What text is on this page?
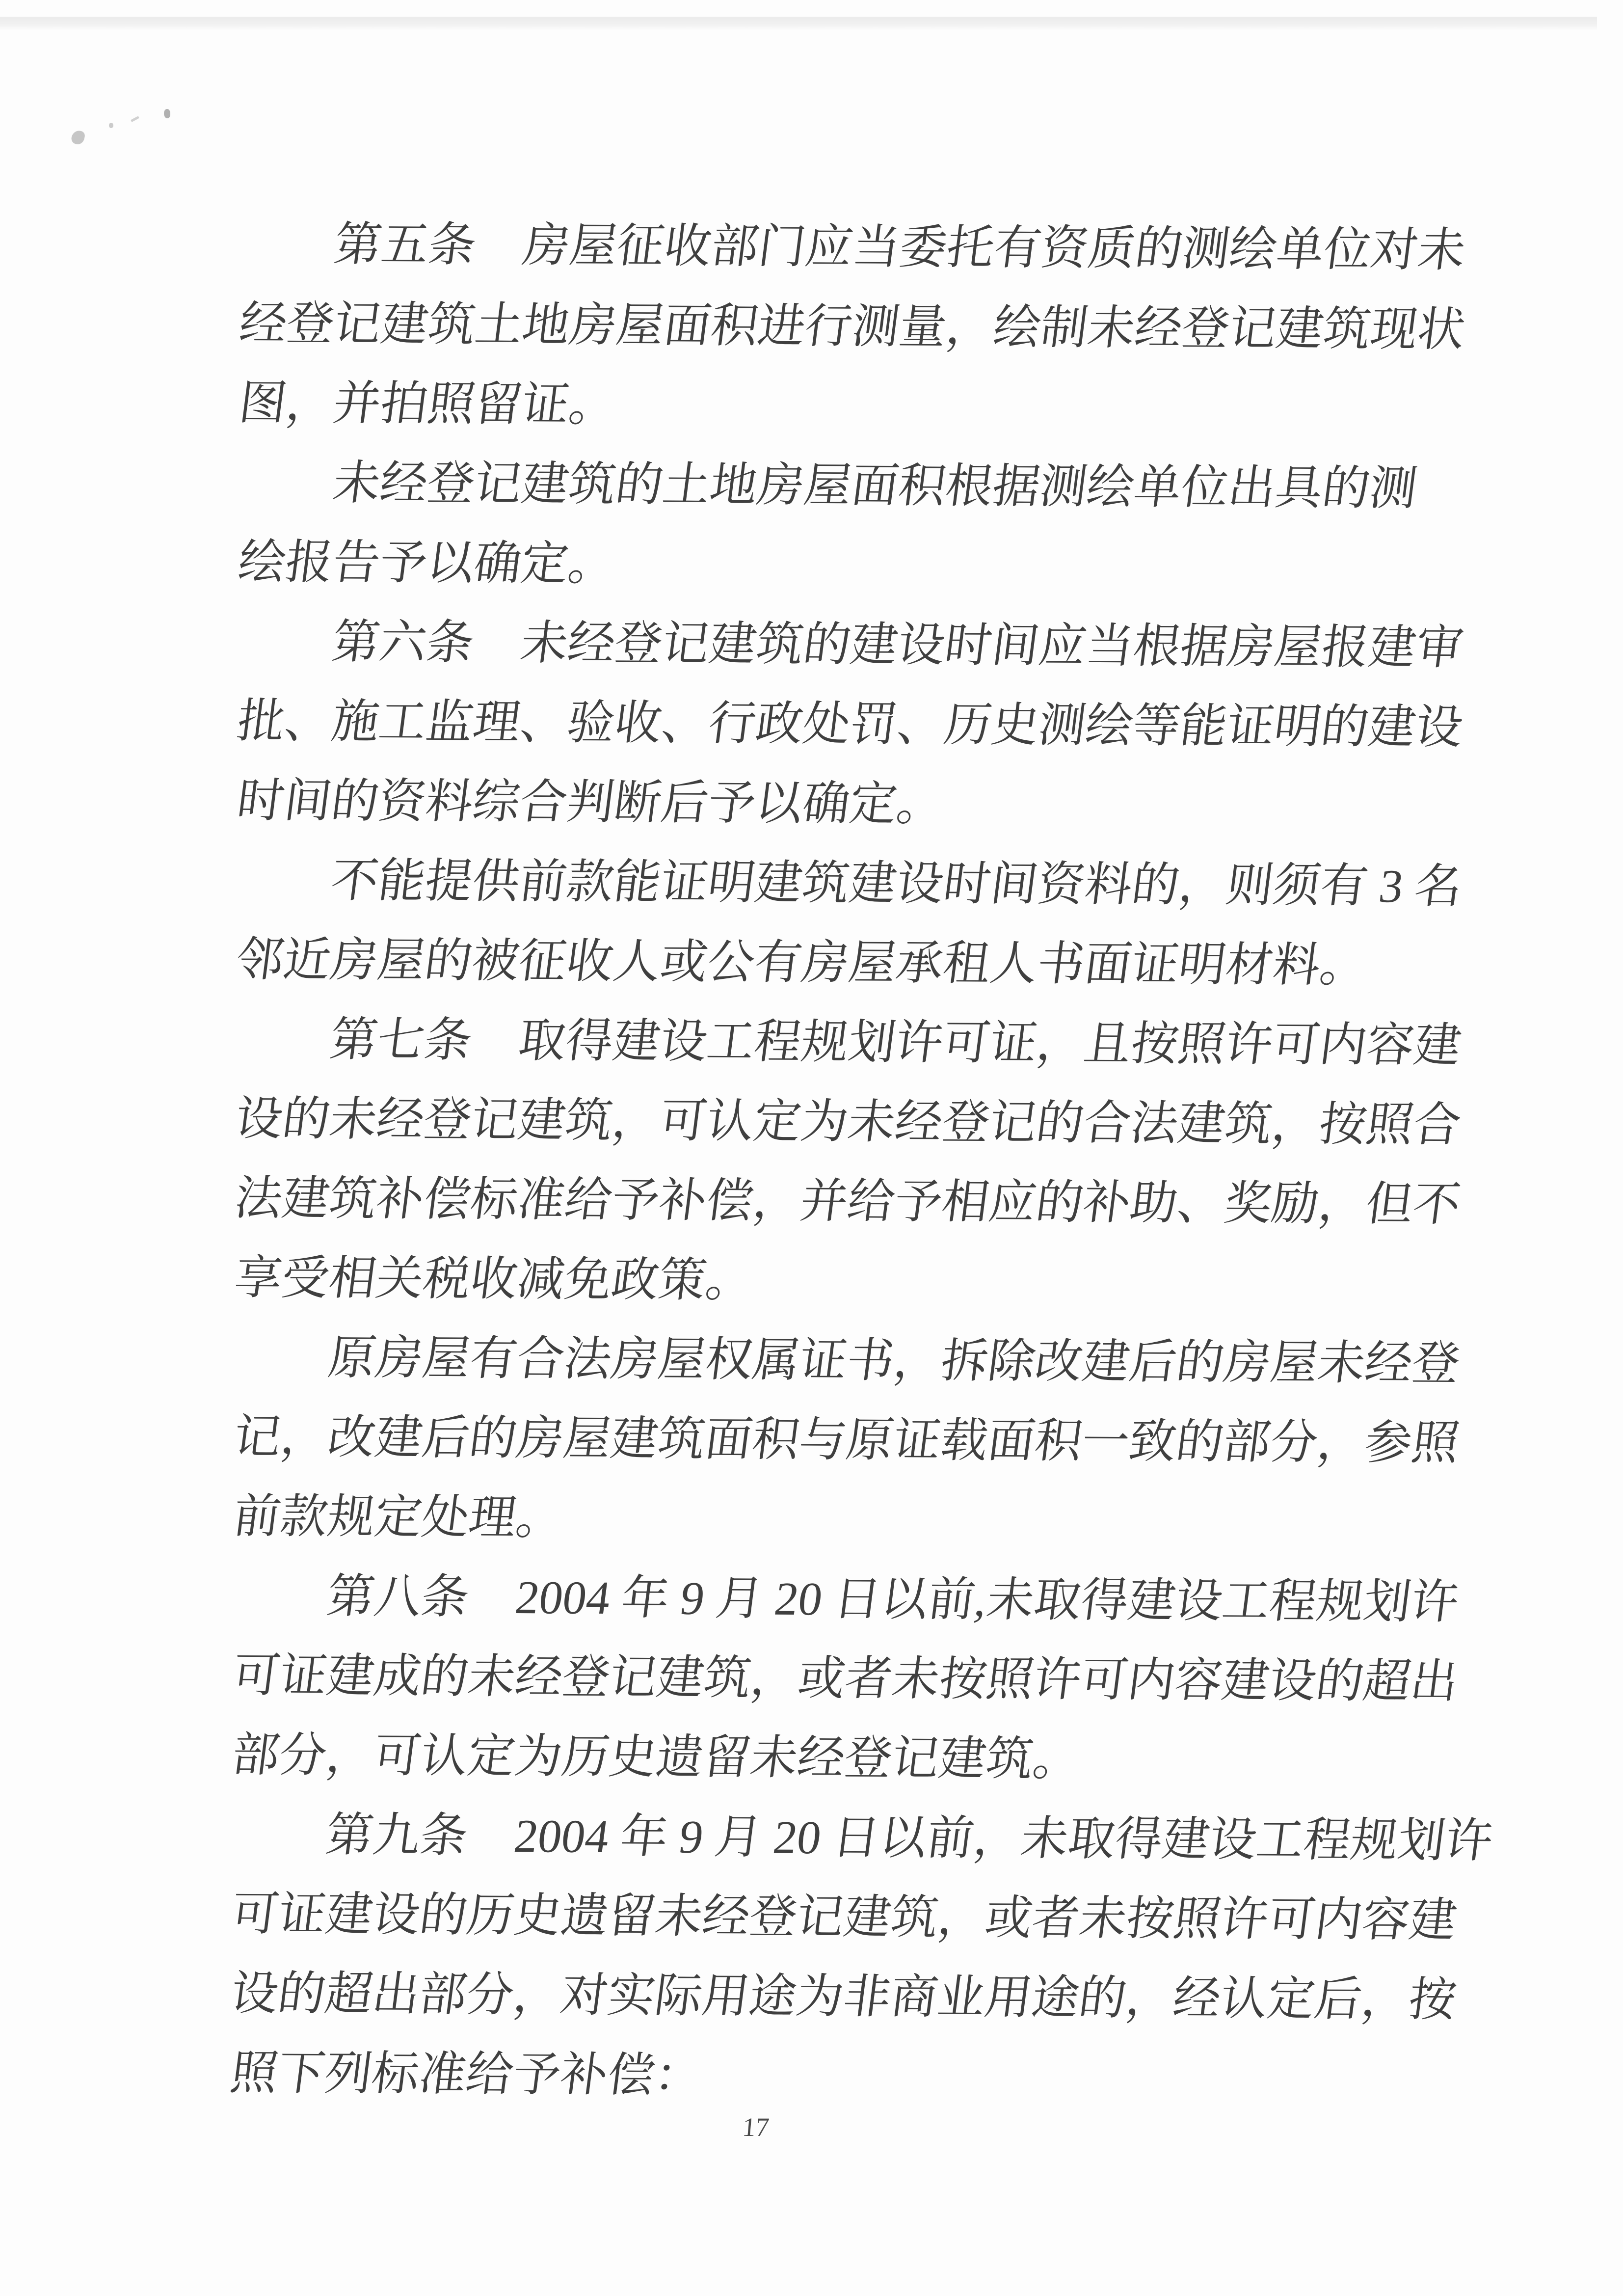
第五条　房屋征收部门应当委托有资质的测绘单位对未
经登记建筑土地房屋面积进行测量，绘制未经登记建筑现状
图，并拍照留证。
未经登记建筑的土地房屋面积根据测绘单位出具的测
绘报告予以确定。
第六条　未经登记建筑的建设时间应当根据房屋报建审
批、施工监理、验收、行政处罚、历史测绘等能证明的建设
时间的资料综合判断后予以确定。
不能提供前款能证明建筑建设时间资料的，则须有 3 名
邻近房屋的被征收人或公有房屋承租人书面证明材料。
第七条　取得建设工程规划许可证，且按照许可内容建
设的未经登记建筑，可认定为未经登记的合法建筑，按照合
法建筑补偿标准给予补偿，并给予相应的补助、奖励，但不
享受相关税收减免政策。
原房屋有合法房屋权属证书，拆除改建后的房屋未经登
记，改建后的房屋建筑面积与原证载面积一致的部分，参照
前款规定处理。
第八条　2004 年 9 月 20 日以前,未取得建设工程规划许
可证建成的未经登记建筑，或者未按照许可内容建设的超出
部分，可认定为历史遗留未经登记建筑。
第九条　2004 年 9 月 20 日以前，未取得建设工程规划许
可证建设的历史遗留未经登记建筑，或者未按照许可内容建
设的超出部分，对实际用途为非商业用途的，经认定后，按
照下列标准给予补偿：
17
